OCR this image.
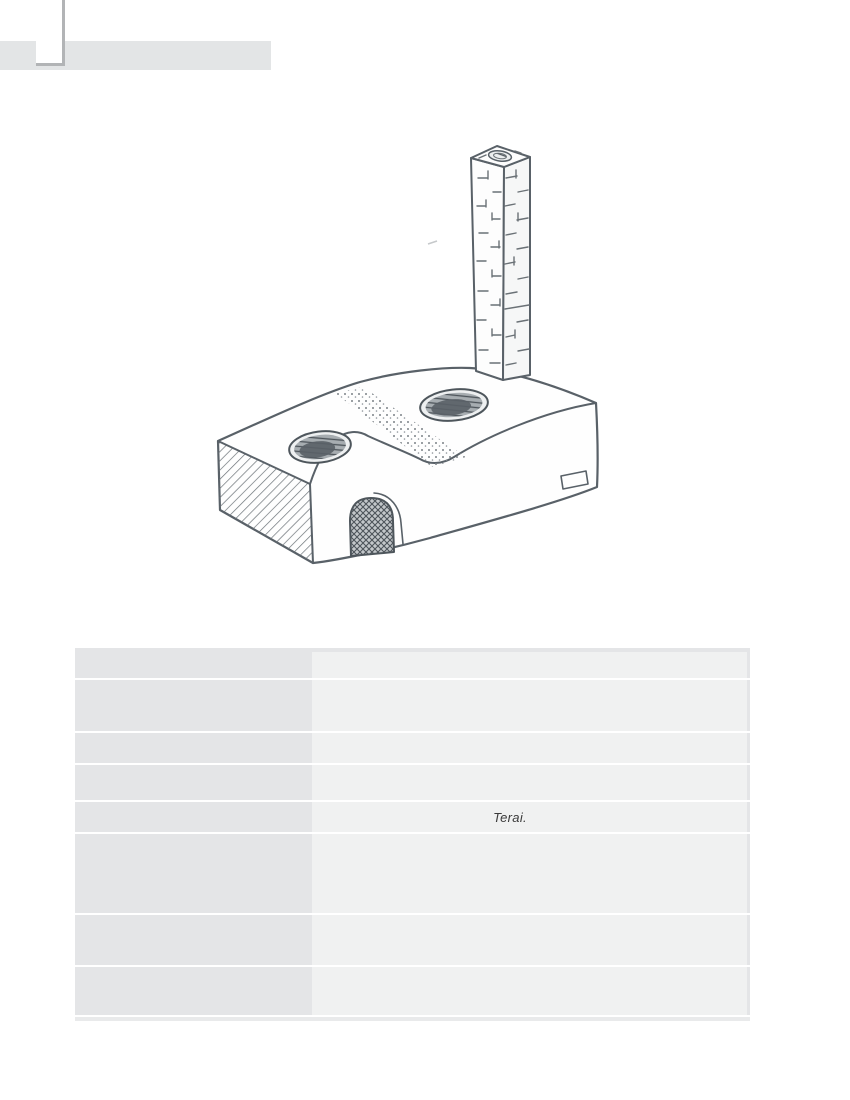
Terai.
